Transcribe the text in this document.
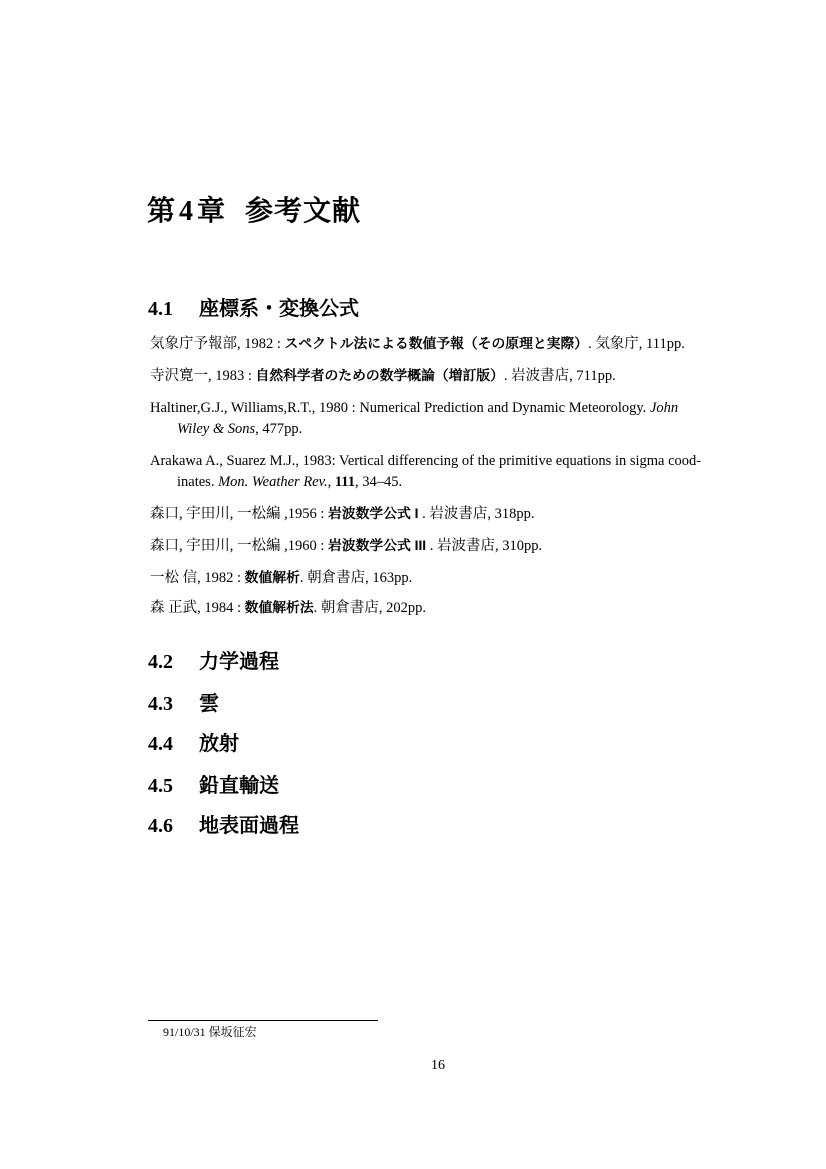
第 4 章 参考文献
4.1 座標系・変換公式
気象庁予報部, 1982 : スペクトル法による数値予報（その原理と実際）. 気象庁, 111pp.
寺沢寛一, 1983 : 自然科学者のための数学概論（増訂版）. 岩波書店, 711pp.
Haltiner,G.J., Williams,R.T., 1980 : Numerical Prediction and Dynamic Meteorology. John
Wiley & Sons, 477pp.
Arakawa A., Suarez M.J., 1983: Vertical differencing of the primitive equations in sigma cood-
inates. Mon. Weather Rev., 111, 34–45.
森口, 宇田川, 一松編 ,1956 : 岩波数学公式 I . 岩波書店, 318pp.
森口, 宇田川, 一松編 ,1960 : 岩波数学公式 III . 岩波書店, 310pp.
一松 信, 1982 : 数値解析. 朝倉書店, 163pp.
森 正武, 1984 : 数値解析法. 朝倉書店, 202pp.
4.2 力学過程
4.3 雲
4.4 放射
4.5 鉛直輸送
4.6 地表面過程
91/10/31 保坂征宏
16
